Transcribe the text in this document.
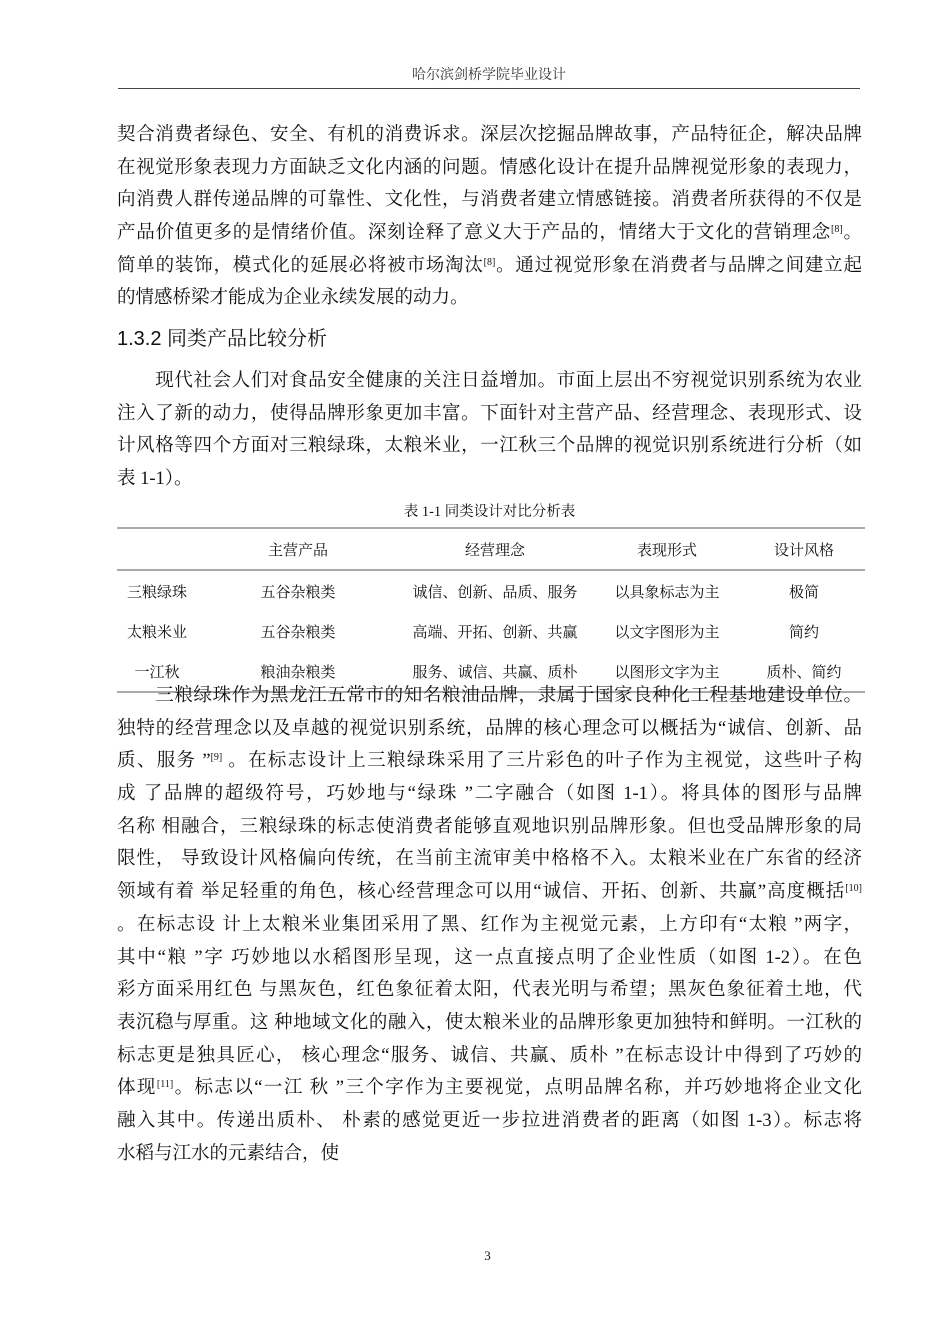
哈尔滨剑桥学院毕业设计
契合消费者绿色、安全、有机的消费诉求。深层次挖掘品牌故事，产品特征企，解决品牌
在视觉形象表现力方面缺乏文化内涵的问题。情感化设计在提升品牌视觉形象的表现力，
向消费人群传递品牌的可靠性、文化性，与消费者建立情感链接。消费者所获得的不仅是
产品价值更多的是情绪价值。深刻诠释了意义大于产品的，情绪大于文化的营销理念[8]。
简单的装饰，模式化的延展必将被市场淘汰[8]。通过视觉形象在消费者与品牌之间建立起
的情感桥梁才能成为企业永续发展的动力。
1.3.2 同类产品比较分析
　　现代社会人们对食品安全健康的关注日益增加。市面上层出不穷视觉识别系统为农业
注入了新的动力，使得品牌形象更加丰富。下面针对主营产品、经营理念、表现形式、设
计风格等四个方面对三粮绿珠，太粮米业，一江秋三个品牌的视觉识别系统进行分析（如
表 1-1）。
表 1-1 同类设计对比分析表
	主营产品	经营理念	表现形式	设计风格
三粮绿珠	五谷杂粮类	诚信、创新、品质、服务	以具象标志为主	极简
太粮米业	五谷杂粮类	高端、开拓、创新、共赢	以文字图形为主	简约
一江秋	粮油杂粮类	服务、诚信、共赢、质朴	以图形文字为主	质朴、简约
　　三粮绿珠作为黑龙江五常市的知名粮油品牌，隶属于国家良种化工程基地建设单位。
独特的经营理念以及卓越的视觉识别系统，品牌的核心理念可以概括为“诚信、创新、品
质、服务 ”[9] 。在标志设计上三粮绿珠采用了三片彩色的叶子作为主视觉，这些叶子构
成 了品牌的超级符号，巧妙地与“绿珠 ”二字融合（如图 1-1）。将具体的图形与品牌
名称 相融合，三粮绿珠的标志使消费者能够直观地识别品牌形象。但也受品牌形象的局
限性， 导致设计风格偏向传统，在当前主流审美中格格不入。太粮米业在广东省的经济
领域有着 举足轻重的角色，核心经营理念可以用“诚信、开拓、创新、共赢”高度概括[10]
。在标志设 计上太粮米业集团采用了黑、红作为主视觉元素，上方印有“太粮 ”两字，
其中“粮 ”字 巧妙地以水稻图形呈现，这一点直接点明了企业性质（如图 1-2）。在色
彩方面采用红色 与黑灰色，红色象征着太阳，代表光明与希望；黑灰色象征着土地，代
表沉稳与厚重。这 种地域文化的融入，使太粮米业的品牌形象更加独特和鲜明。一江秋的
标志更是独具匠心， 核心理念“服务、诚信、共赢、质朴 ”在标志设计中得到了巧妙的
体现[11]。标志以“一江 秋 ”三个字作为主要视觉，点明品牌名称，并巧妙地将企业文化
融入其中。传递出质朴、 朴素的感觉更近一步拉进消费者的距离（如图 1-3）。标志将
水稻与江水的元素结合，使
3
